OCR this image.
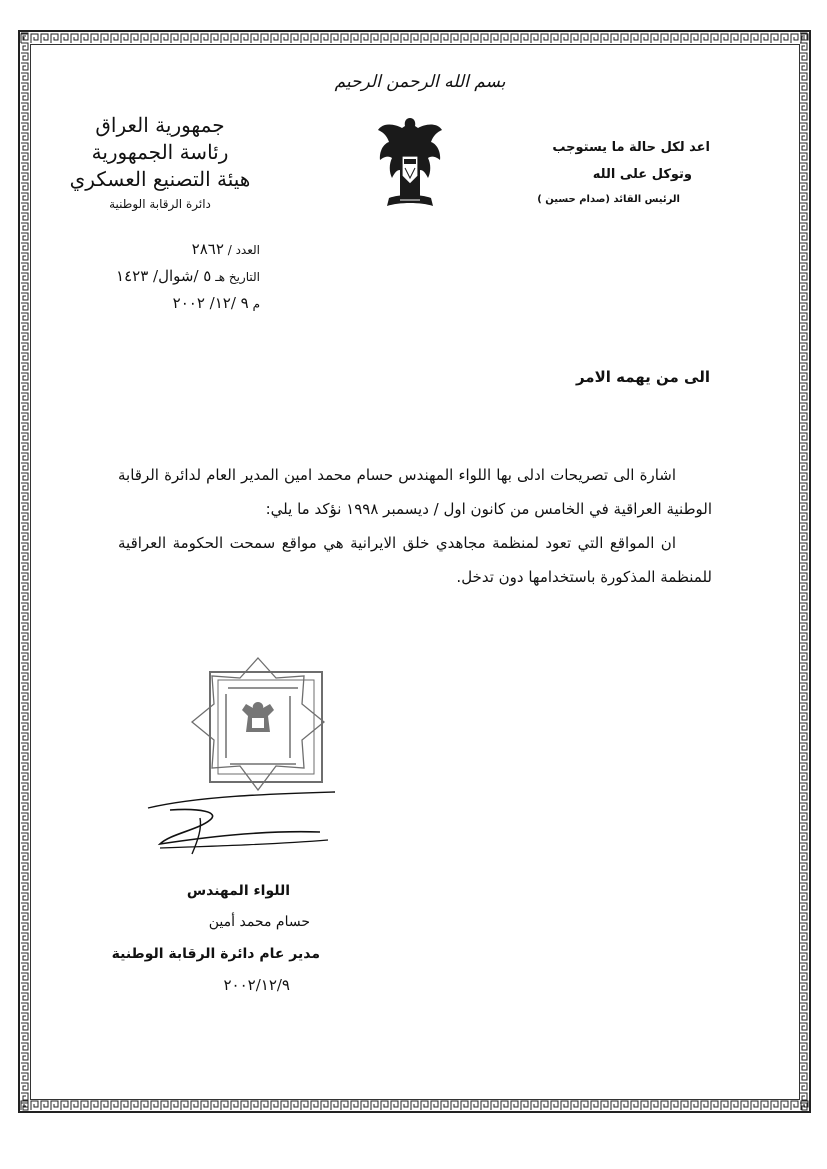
بسم الله الرحمن الرحيم
اعد لكل حالة ما يستوجب
وتوكل على الله
الرئيس القائد (صدام حسين )
جمهورية العراق
رئاسة الجمهورية
هيئة التصنيع العسكري
دائرة الرقابة الوطنية
العدد / ٢٨٦٢
التاريخ هـ ٥ /شوال/ ١٤٢٣
م ٩ /١٢/ ٢٠٠٢
الى من يهمه الامر

اشارة الى تصريحات ادلى بها اللواء المهندس حسام محمد امين المدير العام لدائرة الرقابة الوطنية العراقية في الخامس من كانون اول / ديسمبر ١٩٩٨ نؤكد ما يلي:

ان المواقع التي تعود لمنظمة مجاهدي خلق الايرانية هي مواقع سمحت الحكومة العراقية للمنظمة المذكورة باستخدامها دون تدخل.

اللواء المهندس
حسام محمد أمين
مدير عام دائرة الرقابة الوطنية
٢٠٠٢/١٢/٩
